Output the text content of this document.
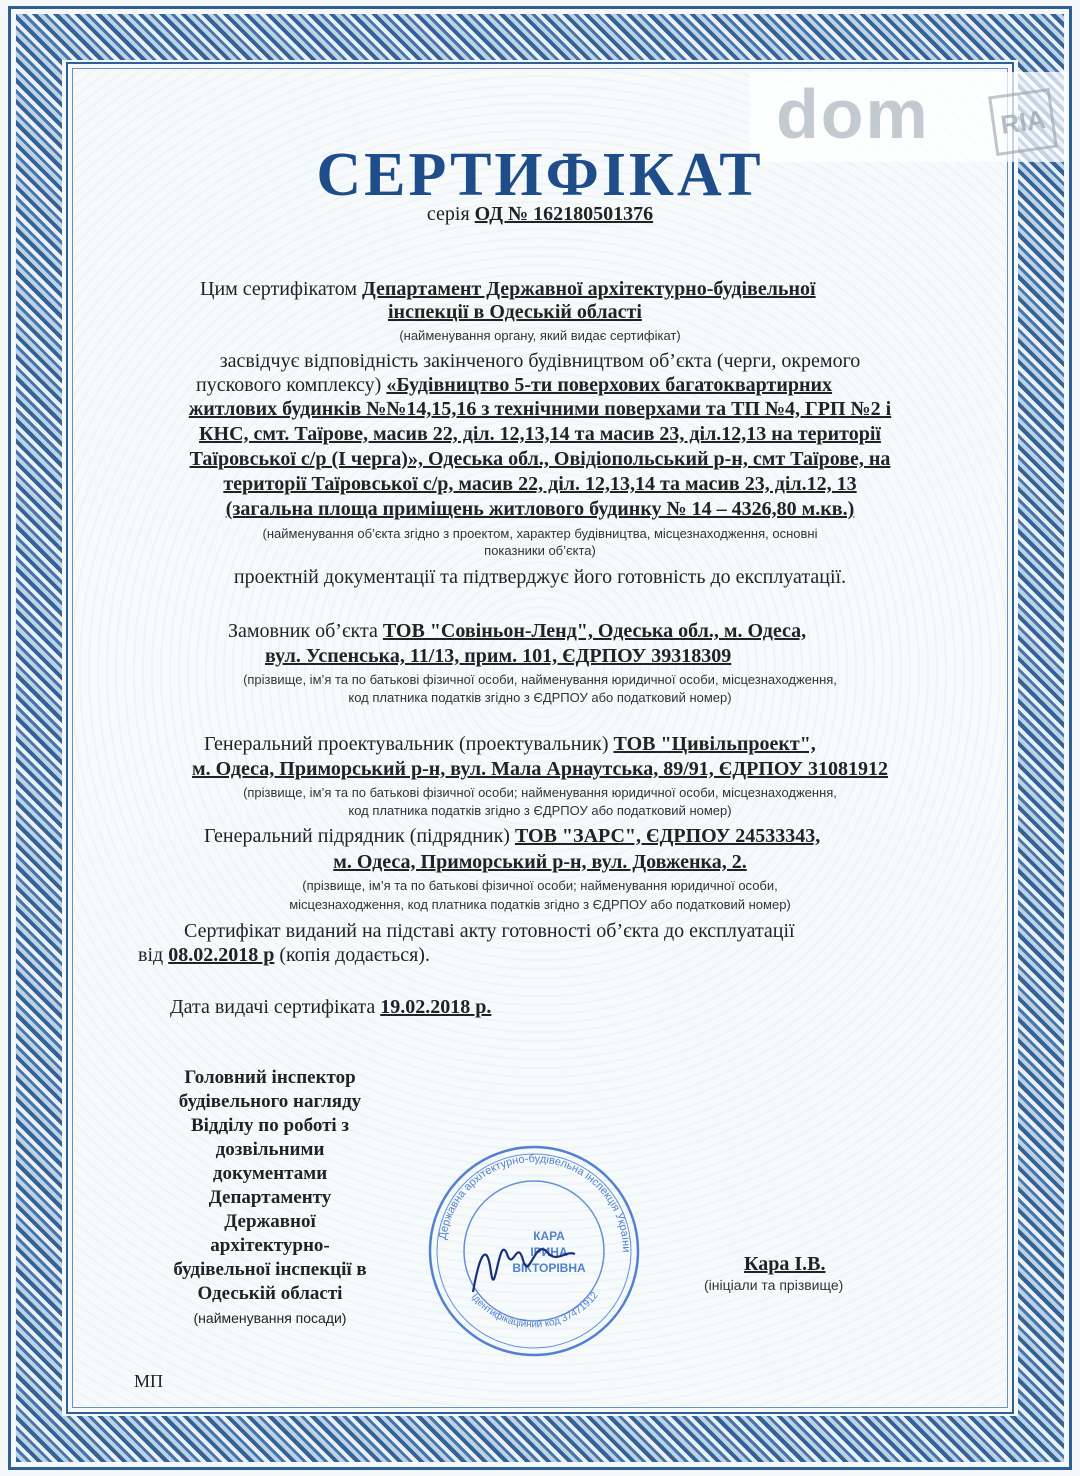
dom	RIA
СЕРТИФІКАТ
серія ОД № 162180501376
Цим сертифікатом Департамент Державної архітектурно-будівельної
інспекції в Одеській області
(найменування органу, який видає сертифікат)
засвідчує відповідність закінченого будівництвом об’єкта (черги, окремого
пускового комплексу) «Будівництво 5-ти поверхових багатоквартирних
житлових будинків №№14,15,16 з технічними поверхами та ТП №4, ГРП №2 і
КНС, смт. Таїрове, масив 22, діл. 12,13,14 та масив 23, діл.12,13 на території
Таїровської с/р (І черга)», Одеська обл., Овідіопольський р-н, смт Таїрове, на
території Таїровської с/р, масив 22, діл. 12,13,14 та масив 23, діл.12, 13
(загальна площа приміщень житлового будинку № 14 – 4326,80 м.кв.)
(найменування об’єкта згідно з проектом, характер будівництва, місцезнаходження, основні
показники об’єкта)
проектній документації та підтверджує його готовність до експлуатації.
Замовник об’єкта ТОВ "Совіньон-Ленд", Одеська обл., м. Одеса,
вул. Успенська, 11/13, прим. 101, ЄДРПОУ 39318309
(прізвище, ім’я та по батькові фізичної особи, найменування юридичної особи, місцезнаходження,
код платника податків згідно з ЄДРПОУ або податковий номер)
Генеральний проектувальник (проектувальник) ТОВ "Цивільпроект",
м. Одеса, Приморський р-н, вул. Мала Арнаутська, 89/91, ЄДРПОУ 31081912
(прізвище, ім’я та по батькові фізичної особи; найменування юридичної особи, місцезнаходження,
код платника податків згідно з ЄДРПОУ або податковий номер)
Генеральний підрядник (підрядник) ТОВ "ЗАРС", ЄДРПОУ 24533343,
м. Одеса, Приморський р-н, вул. Довженка, 2.
(прізвище, ім’я та по батькові фізичної особи; найменування юридичної особи,
місцезнаходження, код платника податків згідно з ЄДРПОУ або податковий номер)
Сертифікат виданий на підставі акту готовності об’єкта до експлуатації
від 08.02.2018 р (копія додається).
Дата видачі сертифіката 19.02.2018 р.
Головний інспектор
будівельного нагляду
Відділу по роботі з
дозвільними
документами
Департаменту
Державної
архітектурно-
будівельної інспекції в
Одеській області
(найменування посади)
Державна архітектурно-будівельна інспекція України
Ідентифікаційний код 37471912
КАРА
ІРИНА
ВІКТОРІВНА	Кара І.В.
(ініціали та прізвище)
МП
